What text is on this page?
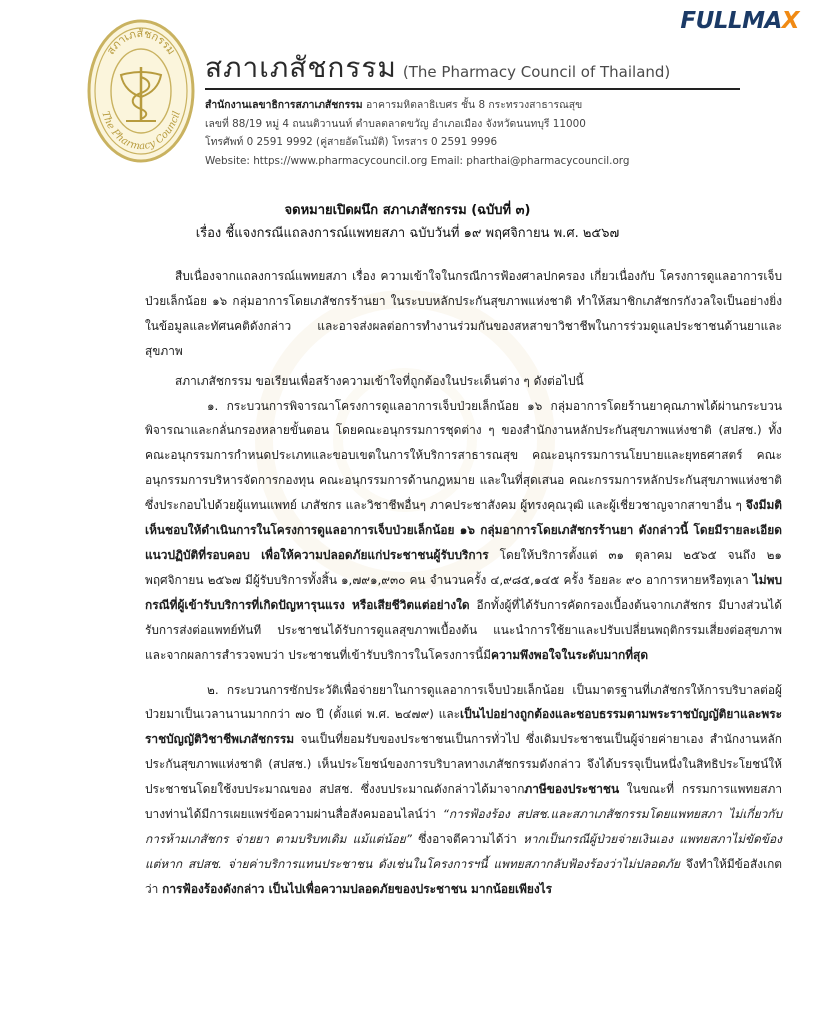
FULLMAX
สภาเภสัชกรรม
The Pharmacy Council
สภาเภสัชกรรม (The Pharmacy Council of Thailand)
สำนักงานเลขาธิการสภาเภสัชกรรม อาคารมหิตลาธิเบศร ชั้น 8 กระทรวงสาธารณสุข
เลขที่ 88/19 หมู่ 4 ถนนติวานนท์ ตำบลตลาดขวัญ อำเภอเมือง จังหวัดนนทบุรี 11000
โทรศัพท์ 0 2591 9992 (คู่สายอัตโนมัติ) โทรสาร 0 2591 9996
Website: https://www.pharmacycouncil.org Email: pharthai@pharmacycouncil.org
จดหมายเปิดผนึก สภาเภสัชกรรม (ฉบับที่ ๓)
เรื่อง ชี้แจงกรณีแถลงการณ์แพทยสภา ฉบับวันที่ ๑๙ พฤศจิกายน พ.ศ. ๒๕๖๗

สืบเนื่องจากแถลงการณ์แพทยสภา เรื่อง ความเข้าใจในกรณีการฟ้องศาลปกครอง เกี่ยวเนื่องกับ โครงการดูแลอาการเจ็บป่วยเล็กน้อย ๑๖ กลุ่มอาการโดยเภสัชกรร้านยา ในระบบหลักประกันสุขภาพแห่งชาติ ทำให้สมาชิกเภสัชกรกังวลใจเป็นอย่างยิ่งในข้อมูลและทัศนคติดังกล่าว และอาจส่งผลต่อการทำงานร่วมกันของสหสาขาวิชาชีพในการร่วมดูแลประชาชนด้านยาและสุขภาพ

สภาเภสัชกรรม ขอเรียนเพื่อสร้างความเข้าใจที่ถูกต้องในประเด็นต่าง ๆ ดังต่อไปนี้

๑. กระบวนการพิจารณาโครงการดูแลอาการเจ็บป่วยเล็กน้อย ๑๖ กลุ่มอาการโดยร้านยาคุณภาพได้ผ่านกระบวนพิจารณาและกลั่นกรองหลายขั้นตอน โดยคณะอนุกรรมการชุดต่าง ๆ ของสำนักงานหลักประกันสุขภาพแห่งชาติ (สปสช.) ทั้งคณะอนุกรรมการกำหนดประเภทและขอบเขตในการให้บริการสาธารณสุข คณะอนุกรรมการนโยบายและยุทธศาสตร์ คณะอนุกรรมการบริหารจัดการกองทุน คณะอนุกรรมการด้านกฎหมาย และในที่สุดเสนอ คณะกรรมการหลักประกันสุขภาพแห่งชาติ ซึ่งประกอบไปด้วยผู้แทนแพทย์ เภสัชกร และวิชาชีพอื่นๆ ภาคประชาสังคม ผู้ทรงคุณวุฒิ และผู้เชี่ยวชาญจากสาขาอื่น ๆ จึงมีมติเห็นชอบให้ดำเนินการในโครงการดูแลอาการเจ็บป่วยเล็กน้อย ๑๖ กลุ่มอาการโดยเภสัชกรร้านยา ดังกล่าวนี้ โดยมีรายละเอียด แนวปฏิบัติที่รอบคอบ เพื่อให้ความปลอดภัยแก่ประชาชนผู้รับบริการ โดยให้บริการตั้งแต่ ๓๑ ตุลาคม ๒๕๖๕ จนถึง ๒๑ พฤศจิกายน ๒๕๖๗ มีผู้รับบริการทั้งสิ้น ๑,๗๙๑,๙๓๐ คน จำนวนครั้ง ๔,๙๘๕,๑๔๕ ครั้ง ร้อยละ ๙๐ อาการหายหรือทุเลา ไม่พบกรณีที่ผู้เข้ารับบริการที่เกิดปัญหารุนแรง หรือเสียชีวิตแต่อย่างใด อีกทั้งผู้ที่ได้รับการคัดกรองเบื้องต้นจากเภสัชกร มีบางส่วนได้รับการส่งต่อแพทย์ทันที ประชาชนได้รับการดูแลสุขภาพเบื้องต้น แนะนำการใช้ยาและปรับเปลี่ยนพฤติกรรมเสี่ยงต่อสุขภาพ และจากผลการสำรวจพบว่า ประชาชนที่เข้ารับบริการในโครงการนี้มีความพึงพอใจในระดับมากที่สุด

๒. กระบวนการซักประวัติเพื่อจ่ายยาในการดูแลอาการเจ็บป่วยเล็กน้อย เป็นมาตรฐานที่เภสัชกรให้การบริบาลต่อผู้ป่วยมาเป็นเวลานานมากกว่า ๗๐ ปี (ตั้งแต่ พ.ศ. ๒๔๗๙) และเป็นไปอย่างถูกต้องและชอบธรรมตามพระราชบัญญัติยาและพระราชบัญญัติวิชาชีพเภสัชกรรม จนเป็นที่ยอมรับของประชาชนเป็นการทั่วไป ซึ่งเดิมประชาชนเป็นผู้จ่ายค่ายาเอง สำนักงานหลักประกันสุขภาพแห่งชาติ (สปสช.) เห็นประโยชน์ของการบริบาลทางเภสัชกรรมดังกล่าว จึงได้บรรจุเป็นหนึ่งในสิทธิประโยชน์ให้ประชาชนโดยใช้งบประมาณของ สปสช. ซึ่งงบประมาณดังกล่าวได้มาจากภาษีของประชาชน ในขณะที่ กรรมการแพทยสภาบางท่านได้มีการเผยแพร่ข้อความผ่านสื่อสังคมออนไลน์ว่า “การฟ้องร้อง สปสช.และสภาเภสัชกรรมโดยแพทยสภา ไม่เกี่ยวกับการห้ามเภสัชกร จ่ายยา ตามบริบทเดิม แม้แต่น้อย” ซึ่งอาจตีความได้ว่า หากเป็นกรณีผู้ป่วยจ่ายเงินเอง แพทยสภาไม่ขัดข้อง แต่หาก สปสช. จ่ายค่าบริการแทนประชาชน ดังเช่นในโครงการฯนี้ แพทยสภากลับฟ้องร้องว่าไม่ปลอดภัย จึงทำให้มีข้อสังเกตว่า การฟ้องร้องดังกล่าว เป็นไปเพื่อความปลอดภัยของประชาชน มากน้อยเพียงไร
